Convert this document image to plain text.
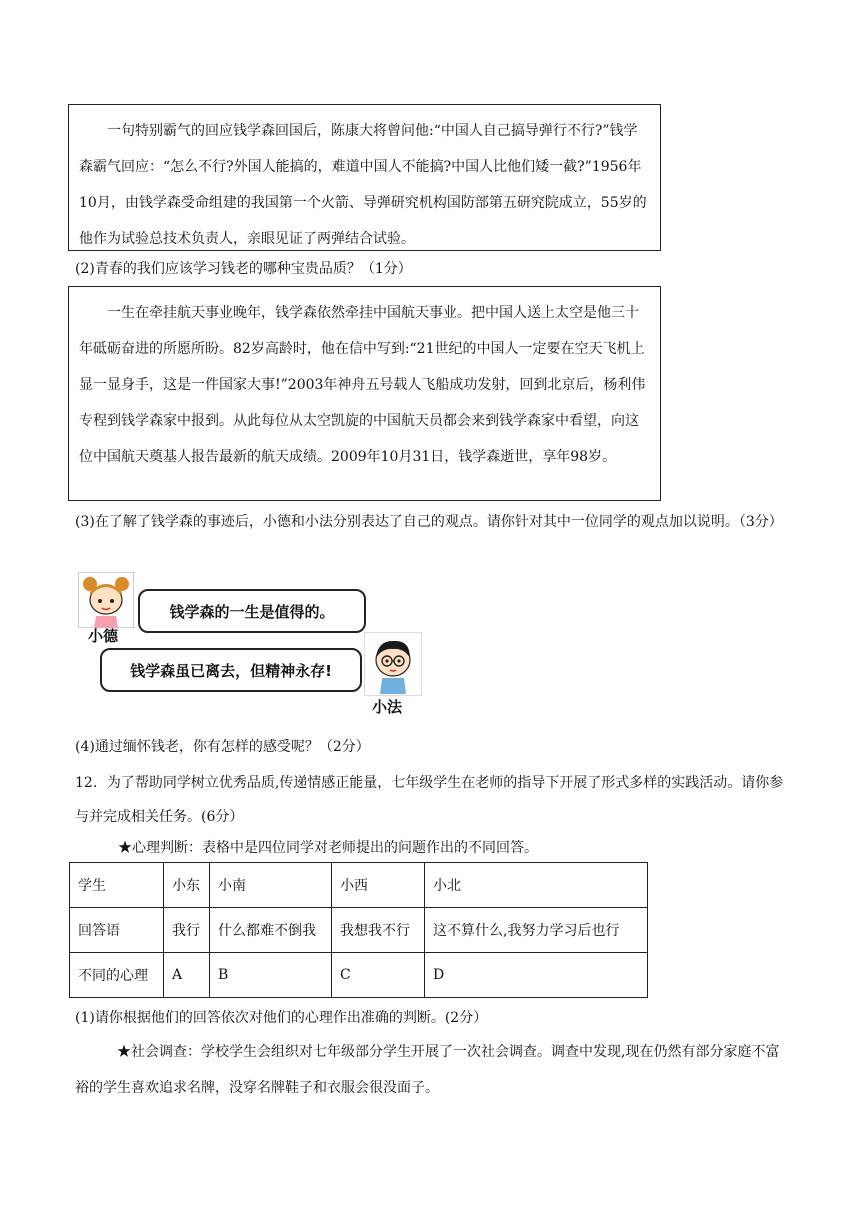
一句特别霸气的回应钱学森回国后，陈康大将曾问他:“中国人自己搞导弹行不行?”钱学森霸气回应：“怎么不行?外国人能搞的，难道中国人不能搞?中国人比他们矮一截?”1956年10月，由钱学森受命组建的我国第一个火箭、导弹研究机构国防部第五研究院成立，55岁的他作为试验总技术负责人，亲眼见证了两弹结合试验。

(2)青春的我们应该学习钱老的哪种宝贵品质？（1分）

一生在牵挂航天事业晚年，钱学森依然牵挂中国航天事业。把中国人送上太空是他三十年砥砺奋进的所愿所盼。82岁高龄时，他在信中写到:“21世纪的中国人一定要在空天飞机上显一显身手，这是一件国家大事!”2003年神舟五号载人飞船成功发射，回到北京后，杨利伟专程到钱学森家中报到。从此每位从太空凯旋的中国航天员都会来到钱学森家中看望，向这位中国航天奠基人报告最新的航天成绩。2009年10月31日，钱学森逝世，享年98岁。

(3)在了解了钱学森的事迹后，小德和小法分别表达了自己的观点。请你针对其中一位同学的观点加以说明。（3分）
小德
钱学森的一生是值得的。
钱学森虽已离去，但精神永存!
小法
(4)通过缅怀钱老，你有怎样的感受呢？（2分）
12．为了帮助同学树立优秀品质,传递情感正能量，七年级学生在老师的指导下开展了形式多样的实践活动。请你参与并完成相关任务。(6分）
★心理判断：表格中是四位同学对老师提出的问题作出的不同回答。
学生	小东	小南	小西	小北
回答语	我行	什么都难不倒我	我想我不行	这不算什么,我努力学习后也行
不同的心理	A	B	C	D
(1)请你根据他们的回答依次对他们的心理作出准确的判断。(2分）
★社会调查：学校学生会组织对七年级部分学生开展了一次社会调查。调查中发现,现在仍然有部分家庭不富裕的学生喜欢追求名牌，没穿名牌鞋子和衣服会很没面子。
